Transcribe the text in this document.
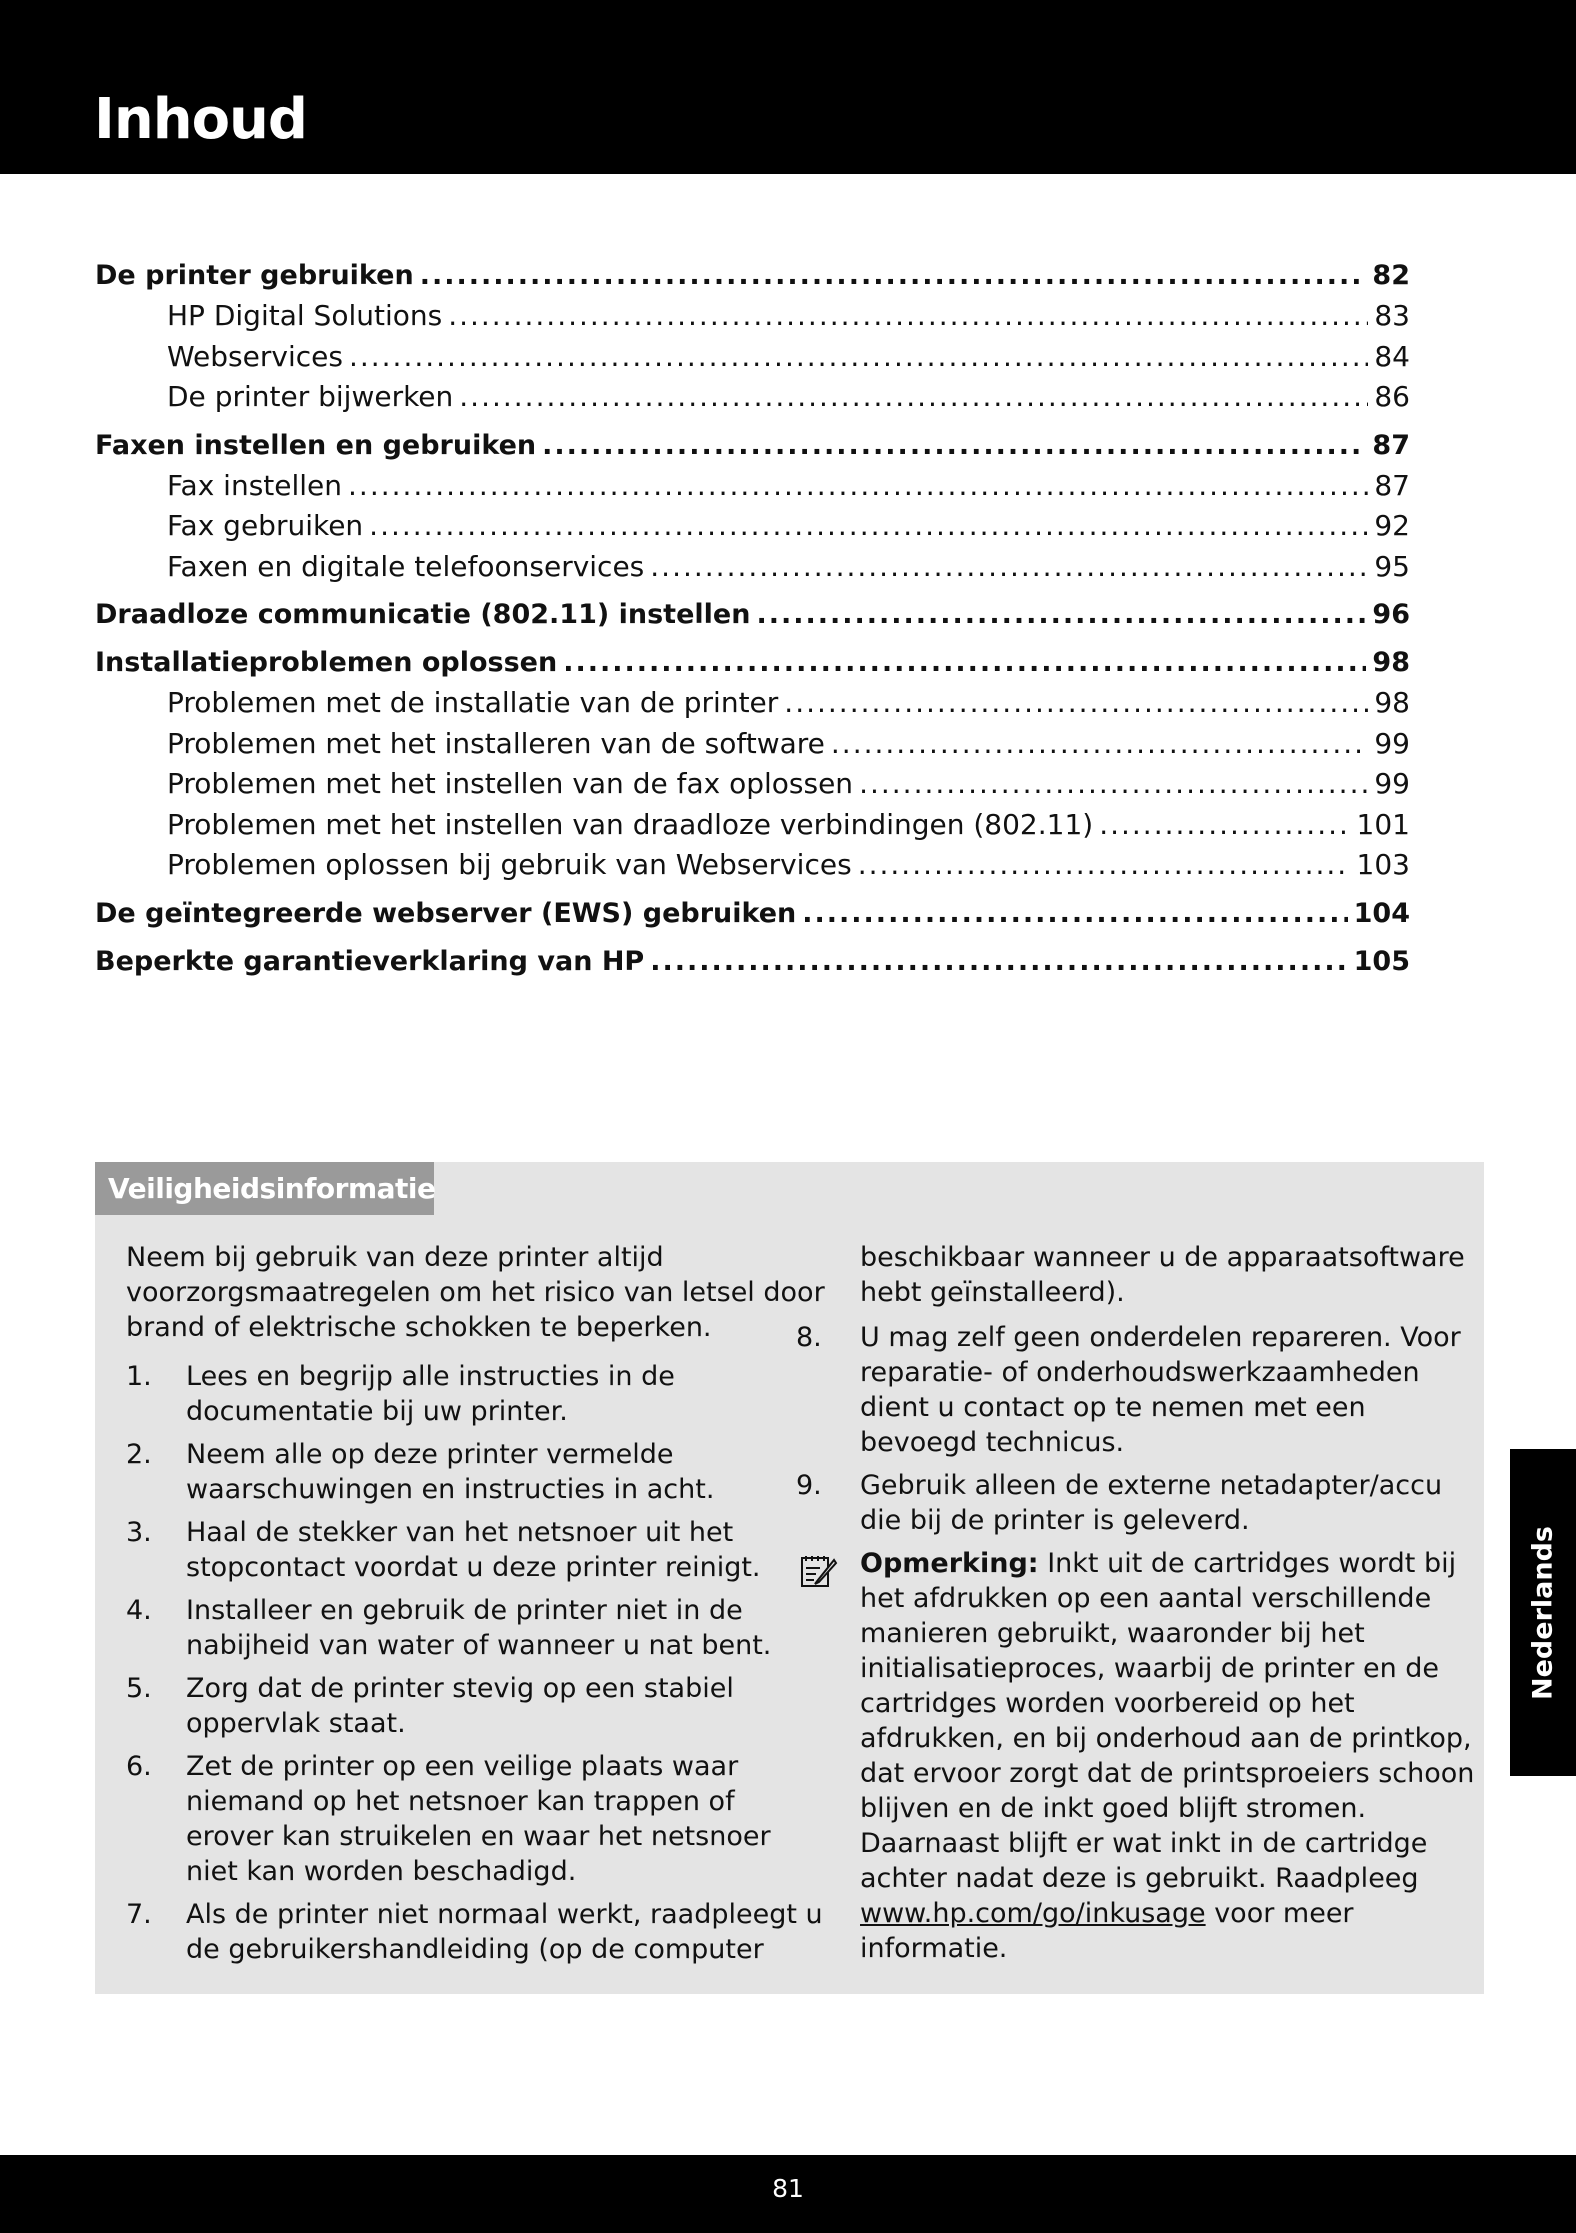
Inhoud
De printer gebruiken .....	82
HP Digital Solutions .....	83
Webservices .....	84
De printer bijwerken .....	86
Faxen instellen en gebruiken .....	87
Fax instellen .....	87
Fax gebruiken .....	92
Faxen en digitale telefoonservices .....	95
Draadloze communicatie (802.11) instellen .....	96
Installatieproblemen oplossen .....	98
Problemen met de installatie van de printer .....	98
Problemen met het installeren van de software .....	99
Problemen met het instellen van de fax oplossen .....	99
Problemen met het instellen van draadloze verbindingen (802.11) .....	101
Problemen oplossen bij gebruik van Webservices .....	103
De geïntegreerde webserver (EWS) gebruiken .....	104
Beperkte garantieverklaring van HP .....	105
Veiligheidsinformatie

Neem bij gebruik van deze printer altijd voorzorgsmaatregelen om het risico van letsel door brand of elektrische schokken te beperken.

1.	Lees en begrijp alle instructies in de documentatie bij uw printer.
2.	Neem alle op deze printer vermelde waarschuwingen en instructies in acht.
3.	Haal de stekker van het netsnoer uit het stopcontact voordat u deze printer reinigt.
4.	Installeer en gebruik de printer niet in de nabijheid van water of wanneer u nat bent.
5.	Zorg dat de printer stevig op een stabiel oppervlak staat.
6.	Zet de printer op een veilige plaats waar niemand op het netsnoer kan trappen of erover kan struikelen en waar het netsnoer niet kan worden beschadigd.
7.	Als de printer niet normaal werkt, raadpleegt u de gebruikershandleiding (op de computer

beschikbaar wanneer u de apparaatsoftware hebt geïnstalleerd).

8.	U mag zelf geen onderdelen repareren. Voor reparatie- of onderhoudswerkzaamheden dient u contact op te nemen met een bevoegd technicus.
9.	Gebruik alleen de externe netadapter/accu die bij de printer is geleverd.
Opmerking: Inkt uit de cartridges wordt bij het afdrukken op een aantal verschillende manieren gebruikt, waaronder bij het initialisatieproces, waarbij de printer en de cartridges worden voorbereid op het afdrukken, en bij onderhoud aan de printkop, dat ervoor zorgt dat de printsproeiers schoon blijven en de inkt goed blijft stromen. Daarnaast blijft er wat inkt in de cartridge achter nadat deze is gebruikt. Raadpleeg www.hp.com/go/inkusage voor meer informatie.
Nederlands
81
